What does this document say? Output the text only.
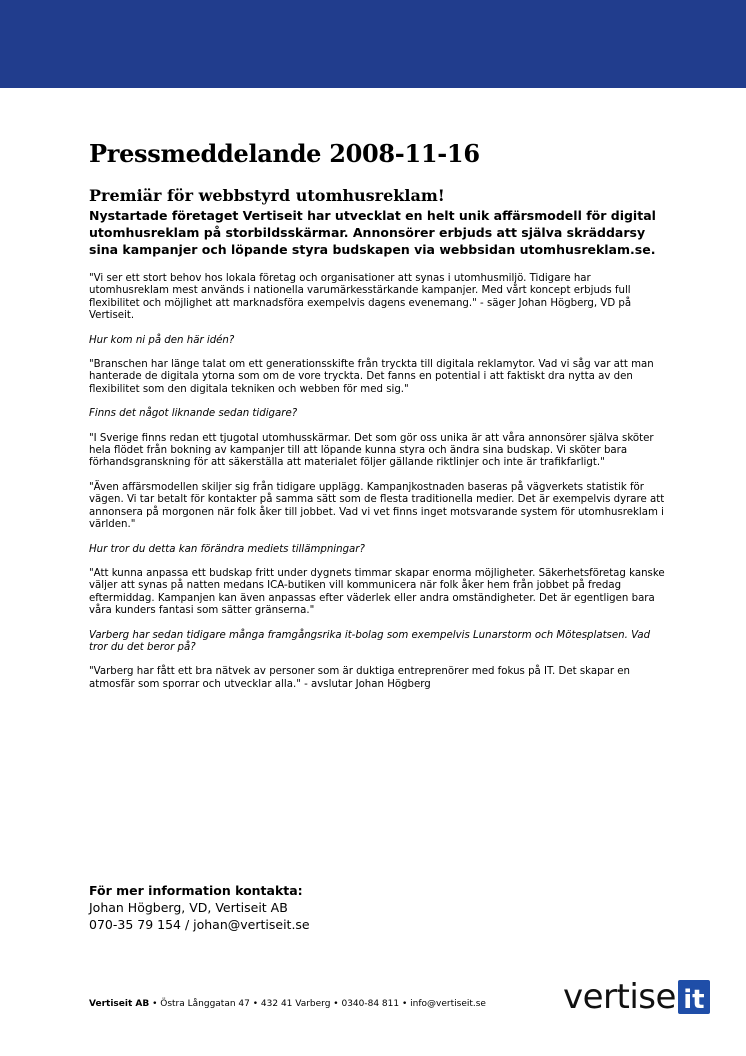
Pressmeddelande 2008-11-16
Premiär för webbstyrd utomhusreklam!

Nystartade företaget Vertiseit har utvecklat en helt unik affärsmodell för digital utomhusreklam på storbildsskärmar. Annonsörer erbjuds att själva skräddarsy sina kampanjer och löpande styra budskapen via webbsidan utomhusreklam.se.

"Vi ser ett stort behov hos lokala företag och organisationer att synas i utomhusmiljö. Tidigare har utomhusreklam mest används i nationella varumärkesstärkande kampanjer. Med vårt koncept erbjuds full flexibilitet och möjlighet att marknadsföra exempelvis dagens evenemang." - säger Johan Högberg, VD på Vertiseit.

Hur kom ni på den här idén?

"Branschen har länge talat om ett generationsskifte från tryckta till digitala reklamytor. Vad vi såg var att man hanterade de digitala ytorna som om de vore tryckta. Det fanns en potential i att faktiskt dra nytta av den flexibilitet som den digitala tekniken och webben för med sig."

Finns det något liknande sedan tidigare?

"I Sverige finns redan ett tjugotal utomhusskärmar. Det som gör oss unika är att våra annonsörer själva sköter hela flödet från bokning av kampanjer till att löpande kunna styra och ändra sina budskap. Vi sköter bara förhandsgranskning för att säkerställa att materialet följer gällande riktlinjer och inte är trafikfarligt."

"Även affärsmodellen skiljer sig från tidigare upplägg. Kampanjkostnaden baseras på vägverkets statistik för vägen. Vi tar betalt för kontakter på samma sätt som de flesta traditionella medier. Det är exempelvis dyrare att annonsera på morgonen när folk åker till jobbet. Vad vi vet finns inget motsvarande system för utomhusreklam i världen."

Hur tror du detta kan förändra mediets tillämpningar?

"Att kunna anpassa ett budskap fritt under dygnets timmar skapar enorma möjligheter. Säkerhetsföretag kanske väljer att synas på natten medans ICA-butiken vill kommunicera när folk åker hem från jobbet på fredag eftermiddag. Kampanjen kan även anpassas efter väderlek eller andra omständigheter. Det är egentligen bara våra kunders fantasi som sätter gränserna."

Varberg har sedan tidigare många framgångsrika it-bolag som exempelvis Lunarstorm och Mötesplatsen. Vad tror du det beror på?

"Varberg har fått ett bra nätvek av personer som är duktiga entreprenörer med fokus på IT. Det skapar en atmosfär som sporrar och utvecklar alla." - avslutar Johan Högberg

För mer information kontakta:
Johan Högberg, VD, Vertiseit AB
070-35 79 154 / johan@vertiseit.se
Vertiseit AB • Östra Långgatan 47 • 432 41 Varberg • 0340-84 811 • info@vertiseit.se vertise it
